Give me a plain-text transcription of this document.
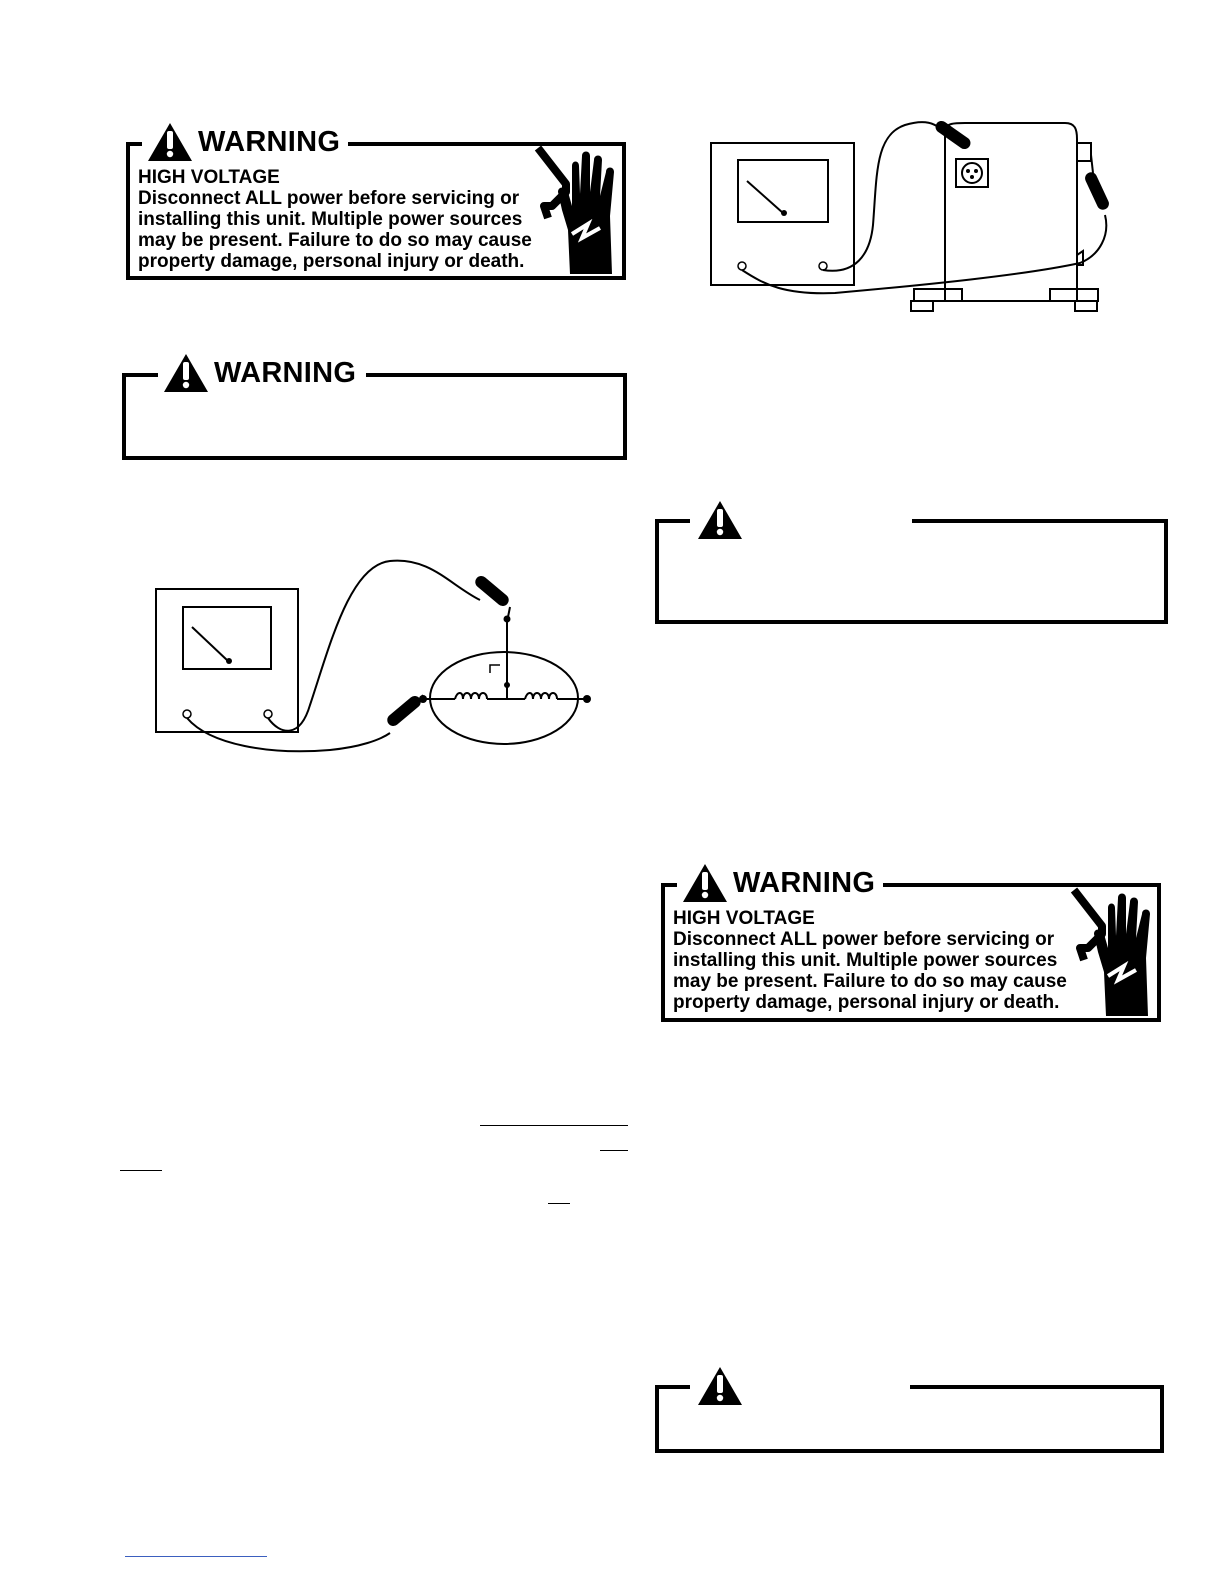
WARNING
HIGH VOLTAGE
Disconnect ALL power before servicing or
installing this unit. Multiple power sources
may be present. Failure to do so may cause
property damage, personal injury or death.
WARNING
WARNING
HIGH VOLTAGE
Disconnect ALL power before servicing or
installing this unit. Multiple power sources
may be present. Failure to do so may cause
property damage, personal injury or death.
